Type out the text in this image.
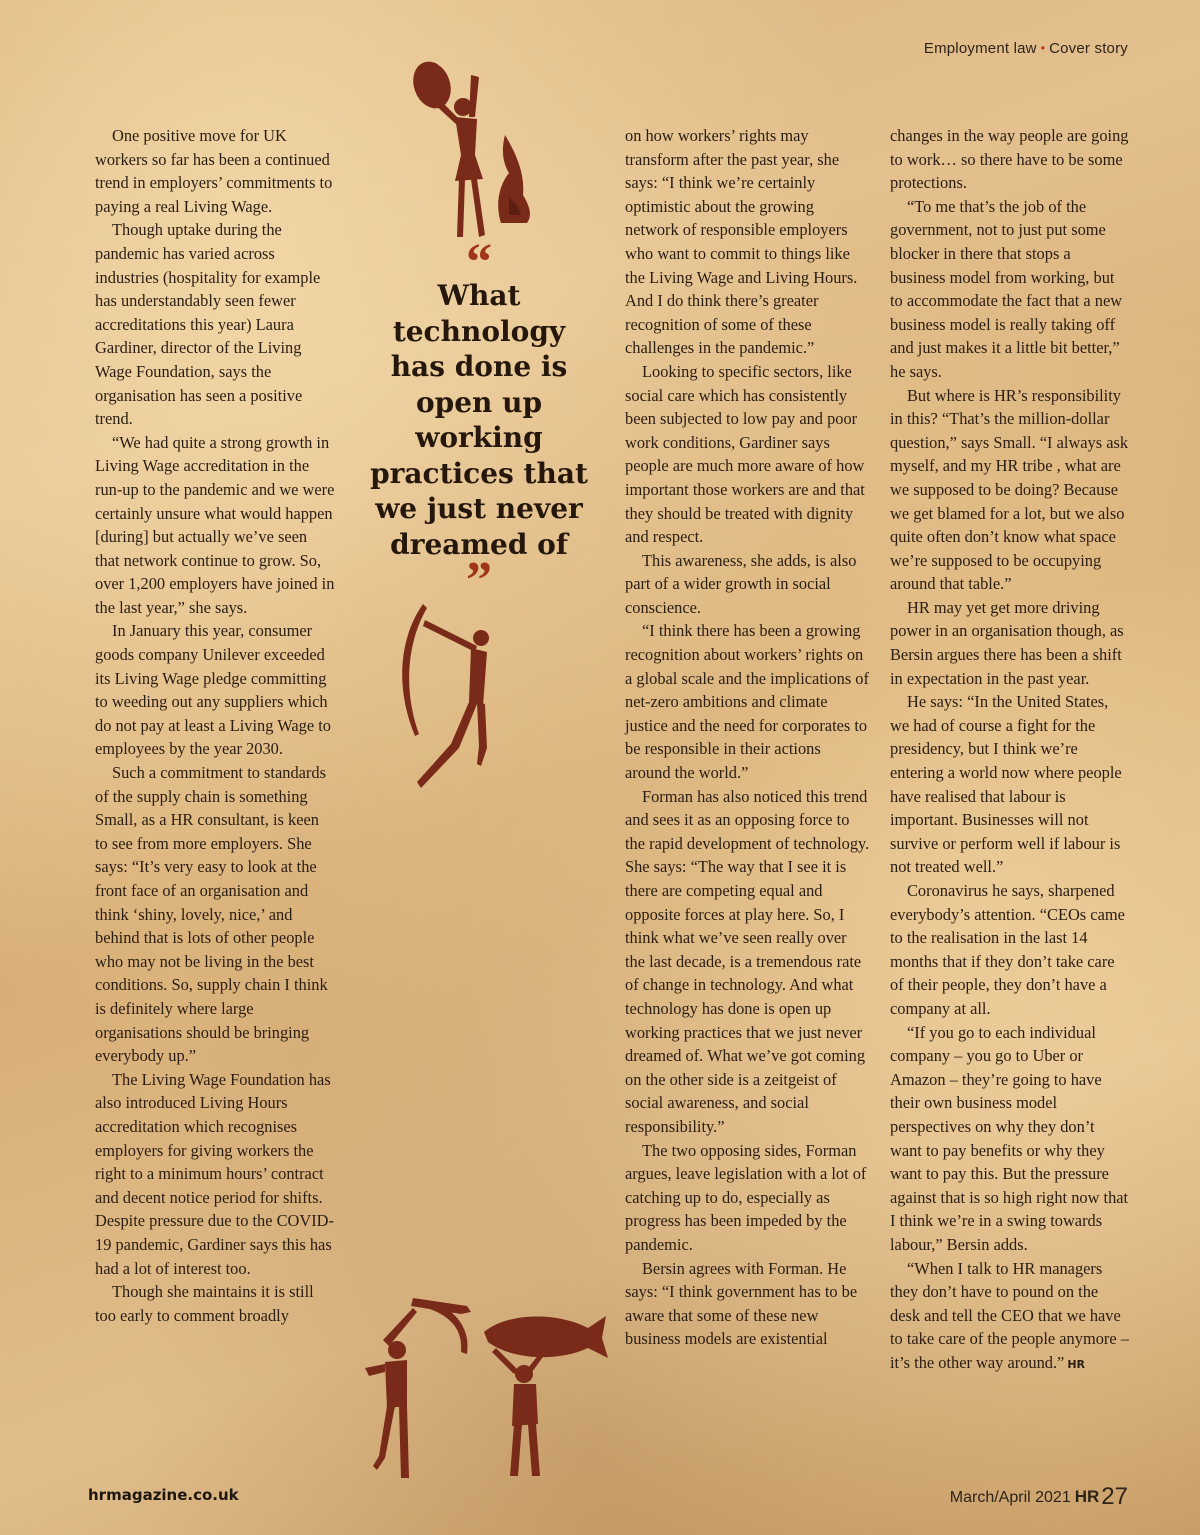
Employment law • Cover story
“
What technology has done is open up working practices that we just never dreamed of
”

One positive move for UK workers so far has been a continued trend in employers’ commitments to paying a real Living Wage.

Though uptake during the pandemic has varied across industries (hospitality for example has understandably seen fewer accreditations this year) Laura Gardiner, director of the Living Wage Foundation, says the organisation has seen a positive trend.

“We had quite a strong growth in Living Wage accreditation in the run-up to the pandemic and we were certainly unsure what would happen [during] but actually we’ve seen that network continue to grow. So, over 1,200 employers have joined in the last year,” she says.

In January this year, consumer goods company Unilever exceeded its Living Wage pledge committing to weeding out any suppliers which do not pay at least a Living Wage to employees by the year 2030.

Such a commitment to standards of the supply chain is something Small, as a HR consultant, is keen to see from more employers. She says: “It’s very easy to look at the front face of an organisation and think ‘shiny, lovely, nice,’ and behind that is lots of other people who may not be living in the best conditions. So, supply chain I think is definitely where large organisations should be bringing everybody up.”

The Living Wage Foundation has also introduced Living Hours accreditation which recognises employers for giving workers the right to a minimum hours’ contract and decent notice period for shifts. Despite pressure due to the COVID-19 pandemic, Gardiner says this has had a lot of interest too.

Though she maintains it is still too early to comment broadly

on how workers’ rights may transform after the past year, she says: “I think we’re certainly optimistic about the growing network of responsible employers who want to commit to things like the Living Wage and Living Hours. And I do think there’s greater recognition of some of these challenges in the pandemic.”

Looking to specific sectors, like social care which has consistently been subjected to low pay and poor work conditions, Gardiner says people are much more aware of how important those workers are and that they should be treated with dignity and respect.

This awareness, she adds, is also part of a wider growth in social conscience.

“I think there has been a growing recognition about workers’ rights on a global scale and the implications of net-zero ambitions and climate justice and the need for corporates to be responsible in their actions around the world.”

Forman has also noticed this trend and sees it as an opposing force to the rapid development of technology. She says: “The way that I see it is there are competing equal and opposite forces at play here. So, I think what we’ve seen really over the last decade, is a tremendous rate of change in technology. And what technology has done is open up working practices that we just never dreamed of. What we’ve got coming on the other side is a zeitgeist of social awareness, and social responsibility.”

The two opposing sides, Forman argues, leave legislation with a lot of catching up to do, especially as progress has been impeded by the pandemic.

Bersin agrees with Forman. He says: “I think government has to be aware that some of these new business models are existential

changes in the way people are going to work… so there have to be some protections.

“To me that’s the job of the government, not to just put some blocker in there that stops a business model from working, but to accommodate the fact that a new business model is really taking off and just makes it a little bit better,” he says.

But where is HR’s responsibility in this? “That’s the million-dollar question,” says Small. “I always ask myself, and my HR tribe , what are we supposed to be doing? Because we get blamed for a lot, but we also quite often don’t know what space we’re supposed to be occupying around that table.”

HR may yet get more driving power in an organisation though, as Bersin argues there has been a shift in expectation in the past year.

He says: “In the United States, we had of course a fight for the presidency, but I think we’re entering a world now where people have realised that labour is important. Businesses will not survive or perform well if labour is not treated well.”

Coronavirus he says, sharpened everybody’s attention. “CEOs came to the realisation in the last 14 months that if they don’t take care of their people, they don’t have a company at all.

“If you go to each individual company – you go to Uber or Amazon – they’re going to have their own business model perspectives on why they don’t want to pay benefits or why they want to pay this. But the pressure against that is so high right now that I think we’re in a swing towards labour,” Bersin adds.

“When I talk to HR managers they don’t have to pound on the desk and tell the CEO that we have to take care of the people anymore – it’s the other way around.” HR

hrmagazine.co.uk	March/April 2021 HR27
